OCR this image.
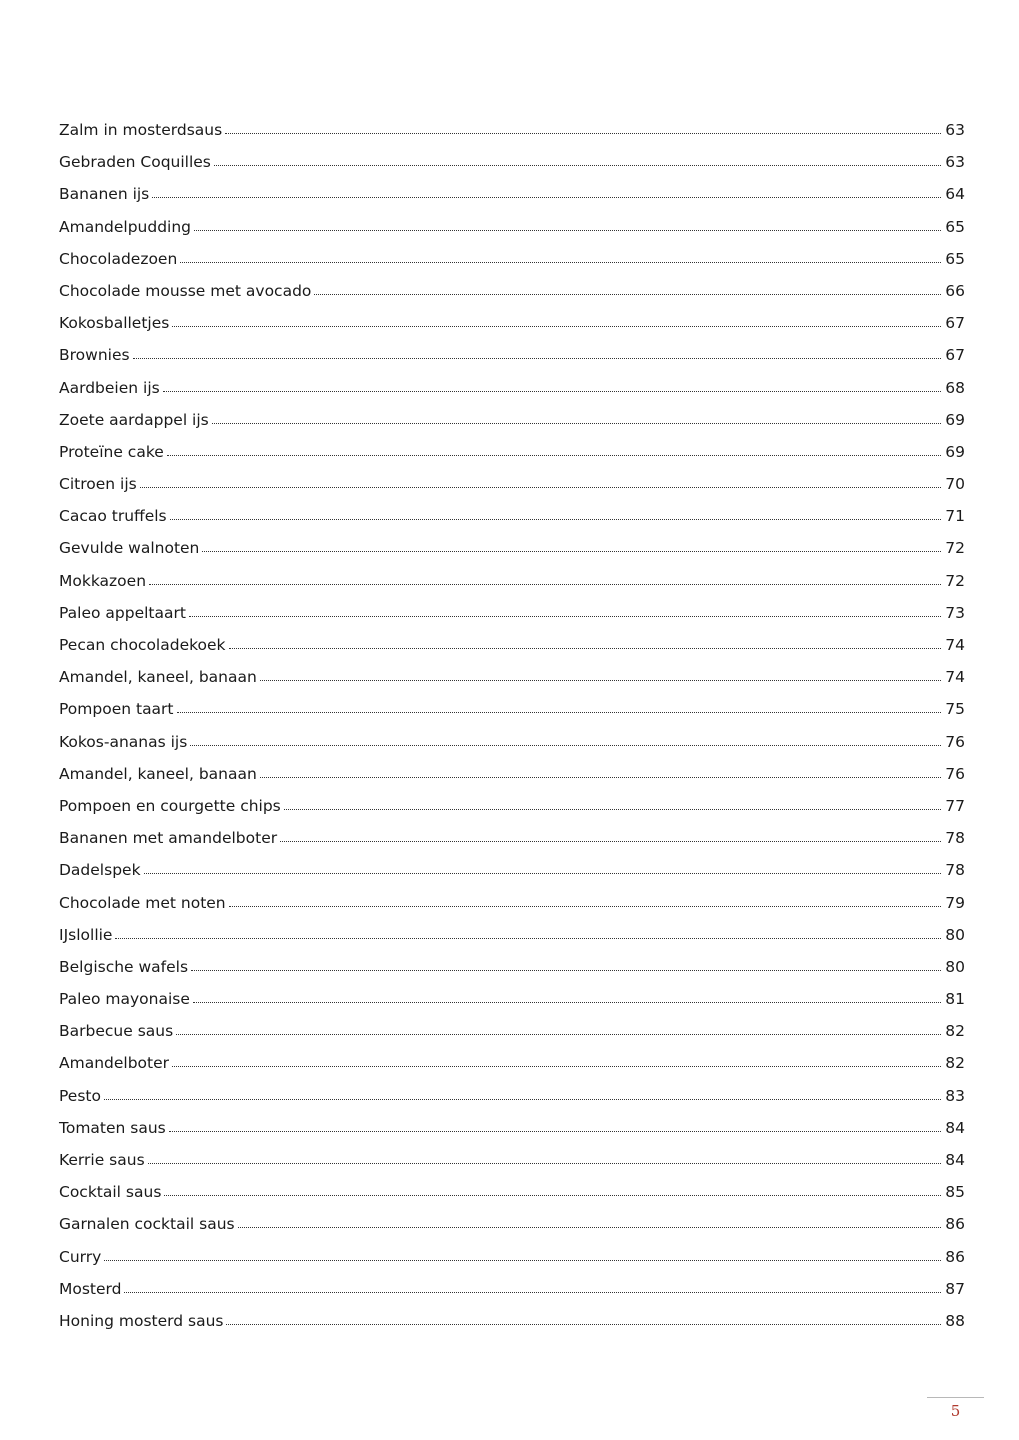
Zalm in mosterdsaus	63
Gebraden Coquilles	63
Bananen ijs	64
Amandelpudding	65
Chocoladezoen	65
Chocolade mousse met avocado	66
Kokosballetjes	67
Brownies	67
Aardbeien ijs	68
Zoete aardappel ijs	69
Proteïne cake	69
Citroen ijs	70
Cacao truffels	71
Gevulde walnoten	72
Mokkazoen	72
Paleo appeltaart	73
Pecan chocoladekoek	74
Amandel, kaneel, banaan	74
Pompoen taart	75
Kokos-ananas ijs	76
Amandel, kaneel, banaan	76
Pompoen en courgette chips	77
Bananen met amandelboter	78
Dadelspek	78
Chocolade met noten	79
IJslollie	80
Belgische wafels	80
Paleo mayonaise	81
Barbecue saus	82
Amandelboter	82
Pesto	83
Tomaten saus	84
Kerrie saus	84
Cocktail saus	85
Garnalen cocktail saus	86
Curry	86
Mosterd	87
Honing mosterd saus	88
5
